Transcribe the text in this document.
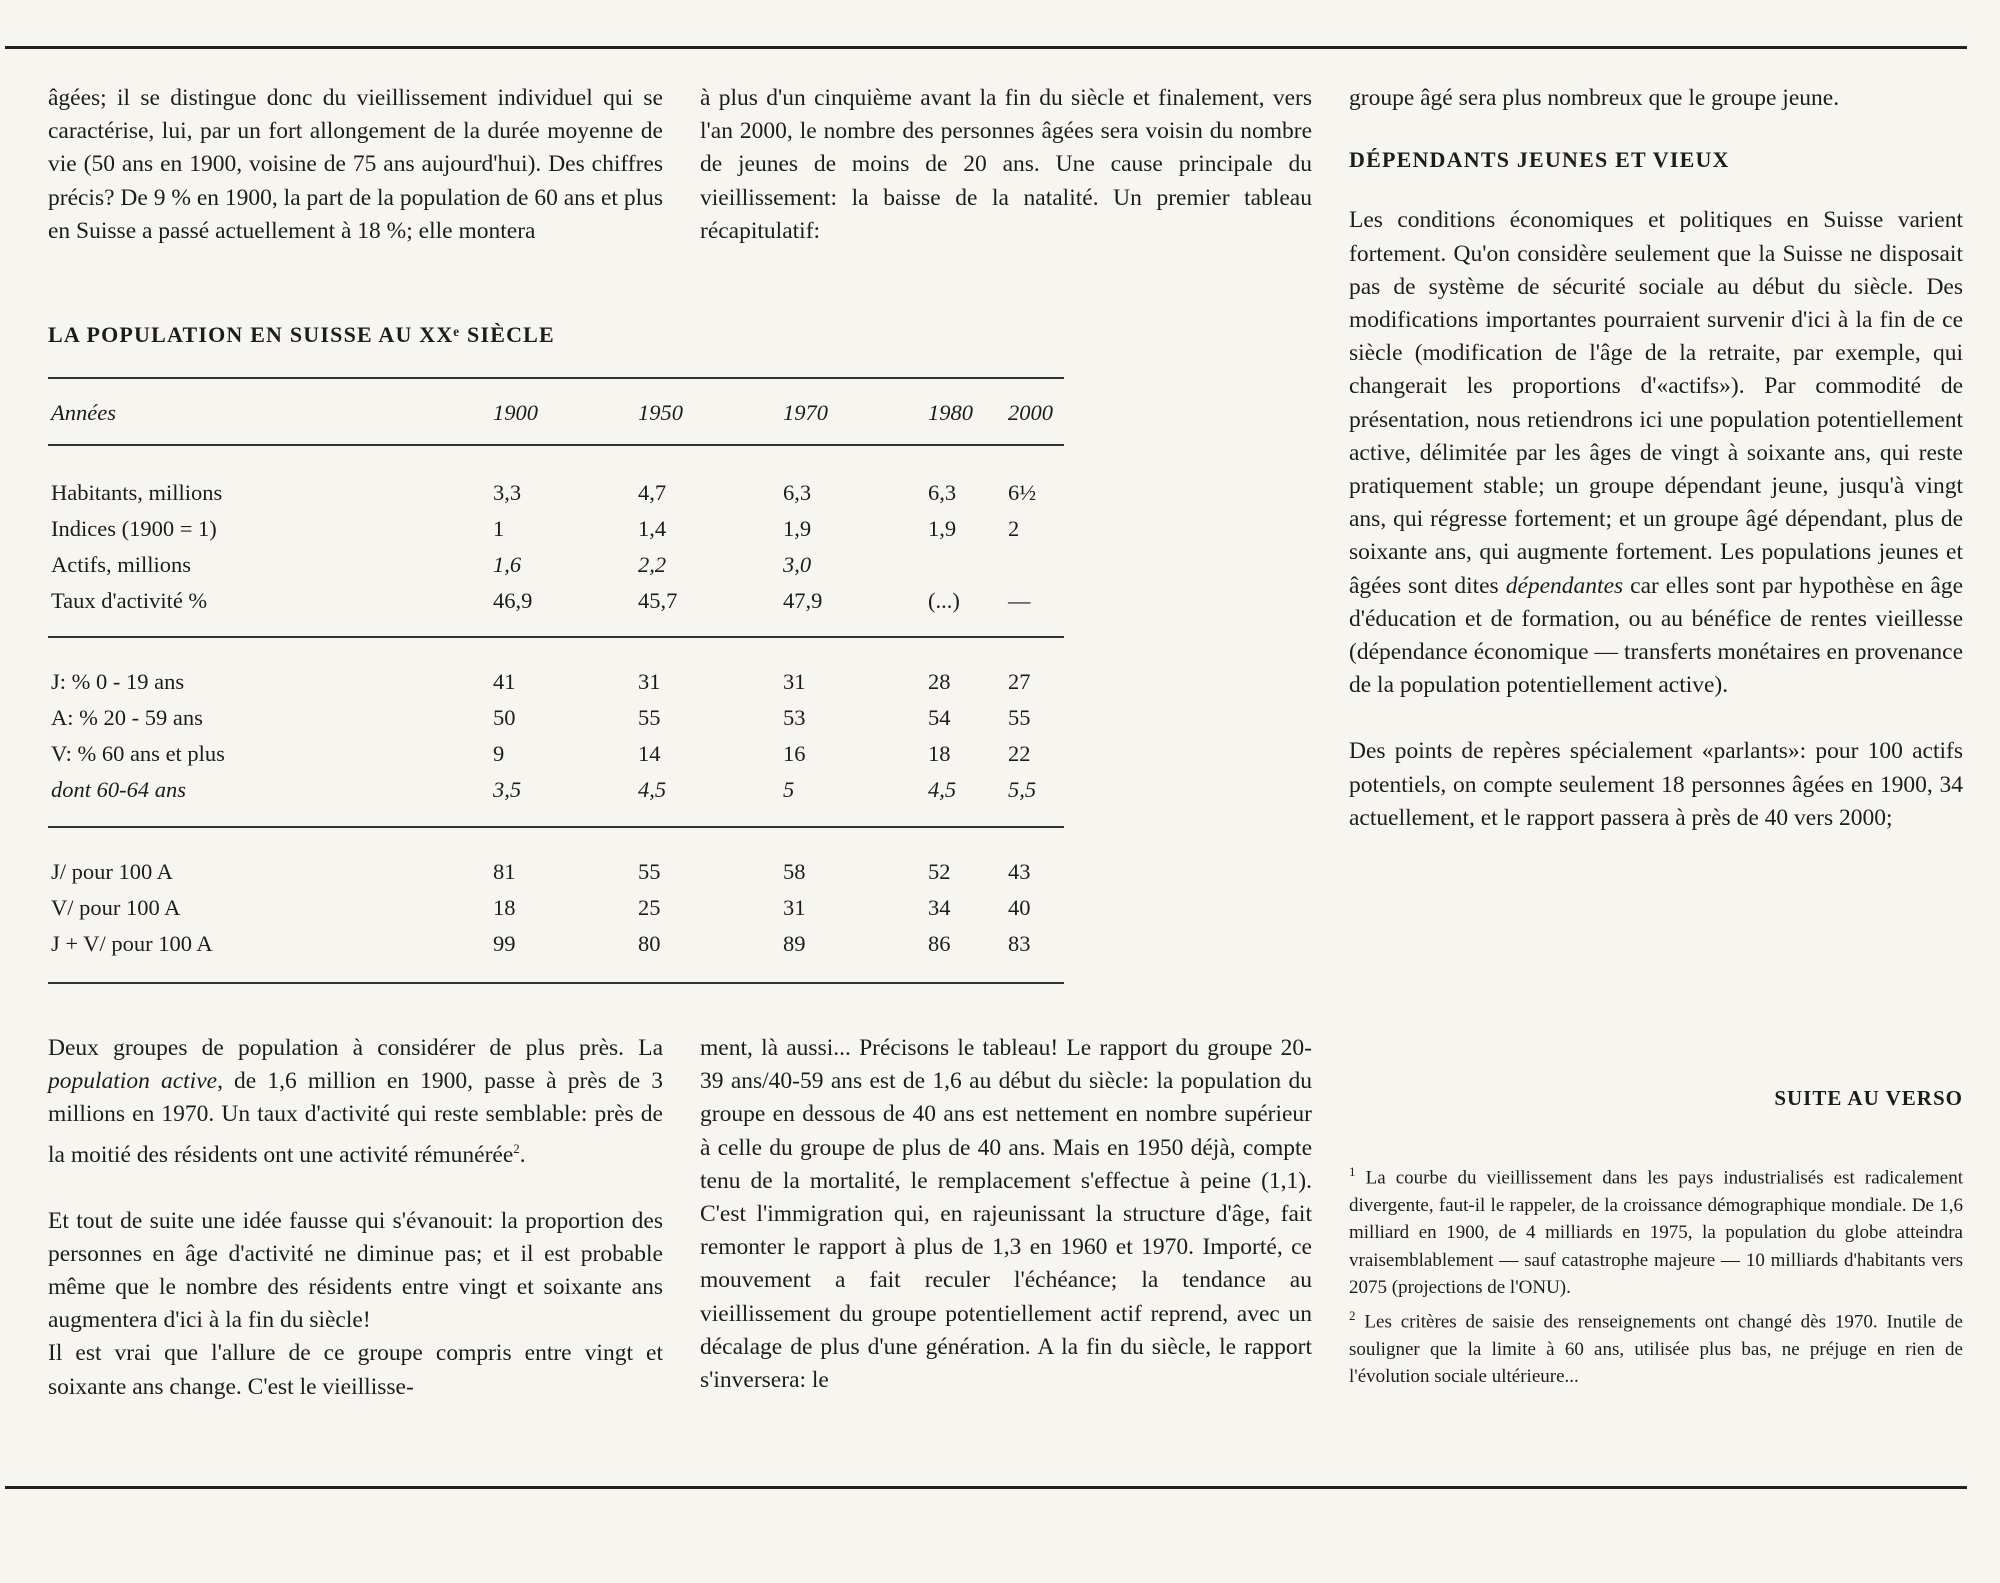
âgées; il se distingue donc du vieillissement individuel qui se caractérise, lui, par un fort allongement de la durée moyenne de vie (50 ans en 1900, voisine de 75 ans aujourd'hui). Des chiffres précis? De 9 % en 1900, la part de la population de 60 ans et plus en Suisse a passé actuellement à 18 %; elle montera

à plus d'un cinquième avant la fin du siècle et finalement, vers l'an 2000, le nombre des personnes âgées sera voisin du nombre de jeunes de moins de 20 ans. Une cause principale du vieillissement: la baisse de la natalité. Un premier tableau récapitulatif:

LA POPULATION EN SUISSE AU XXᵉ SIÈCLE
Années	1900	1950	1970	1980	2000
Habitants, millions	3,3	4,7	6,3	6,3	6½
Indices (1900 = 1)	1	1,4	1,9	1,9	2
Actifs, millions	1,6	2,2	3,0
Taux d'activité %	46,9	45,7	47,9	(...)	—
J: % 0 - 19 ans	41	31	31	28	27
A: % 20 - 59 ans	50	55	53	54	55
V: % 60 ans et plus	9	14	16	18	22
dont 60-64 ans	3,5	4,5	5	4,5	5,5
J/ pour 100 A	81	55	58	52	43
V/ pour 100 A	18	25	31	34	40
J + V/ pour 100 A	99	80	89	86	83

Deux groupes de population à considérer de plus près. La population active, de 1,6 million en 1900, passe à près de 3 millions en 1970. Un taux d'activité qui reste semblable: près de la moitié des résidents ont une activité rémunérée$^2$.

Et tout de suite une idée fausse qui s'évanouit: la proportion des personnes en âge d'activité ne diminue pas; et il est probable même que le nombre des résidents entre vingt et soixante ans augmentera d'ici à la fin du siècle!

Il est vrai que l'allure de ce groupe compris entre vingt et soixante ans change. C'est le vieillisse-

ment, là aussi... Précisons le tableau! Le rapport du groupe 20-39 ans/40-59 ans est de 1,6 au début du siècle: la population du groupe en dessous de 40 ans est nettement en nombre supérieur à celle du groupe de plus de 40 ans. Mais en 1950 déjà, compte tenu de la mortalité, le remplacement s'effectue à peine (1,1). C'est l'immigration qui, en rajeunissant la structure d'âge, fait remonter le rapport à plus de 1,3 en 1960 et 1970. Importé, ce mouvement a fait reculer l'échéance; la tendance au vieillissement du groupe potentiellement actif reprend, avec un décalage de plus d'une génération. A la fin du siècle, le rapport s'inversera: le

groupe âgé sera plus nombreux que le groupe jeune.

DÉPENDANTS JEUNES ET VIEUX

Les conditions économiques et politiques en Suisse varient fortement. Qu'on considère seulement que la Suisse ne disposait pas de système de sécurité sociale au début du siècle. Des modifications importantes pourraient survenir d'ici à la fin de ce siècle (modification de l'âge de la retraite, par exemple, qui changerait les proportions d'«actifs»). Par commodité de présentation, nous retiendrons ici une population potentiellement active, délimitée par les âges de vingt à soixante ans, qui reste pratiquement stable; un groupe dépendant jeune, jusqu'à vingt ans, qui régresse fortement; et un groupe âgé dépendant, plus de soixante ans, qui augmente fortement. Les populations jeunes et âgées sont dites dépendantes car elles sont par hypothèse en âge d'éducation et de formation, ou au bénéfice de rentes vieillesse (dépendance économique — transferts monétaires en provenance de la population potentiellement active).

Des points de repères spécialement «parlants»: pour 100 actifs potentiels, on compte seulement 18 personnes âgées en 1900, 34 actuellement, et le rapport passera à près de 40 vers 2000;

SUITE AU VERSO

$^1$ La courbe du vieillissement dans les pays industrialisés est radicalement divergente, faut-il le rappeler, de la croissance démographique mondiale. De 1,6 milliard en 1900, de 4 milliards en 1975, la population du globe atteindra vraisemblablement — sauf catastrophe majeure — 10 milliards d'habitants vers 2075 (projections de l'ONU).

$^2$ Les critères de saisie des renseignements ont changé dès 1970. Inutile de souligner que la limite à 60 ans, utilisée plus bas, ne préjuge en rien de l'évolution sociale ultérieure...
